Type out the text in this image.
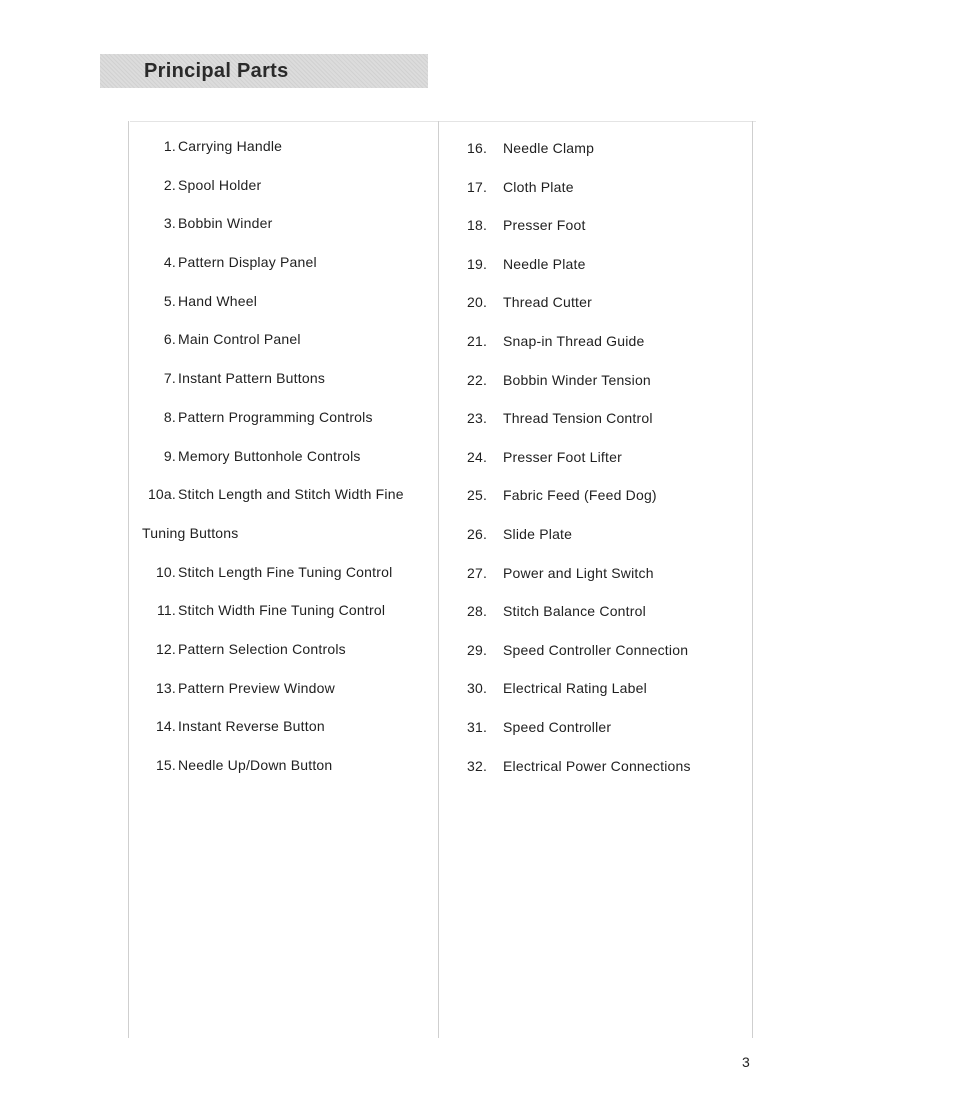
Principal Parts
1. Carrying Handle
2. Spool Holder
3. Bobbin Winder
4. Pattern Display Panel
5. Hand Wheel
6. Main Control Panel
7. Instant Pattern Buttons
8. Pattern Programming Controls
9. Memory Buttonhole Controls
10a. Stitch Length and Stitch Width Fine
Tuning Buttons
10. Stitch Length Fine Tuning Control
11. Stitch Width Fine Tuning Control
12. Pattern Selection Controls
13. Pattern Preview Window
14. Instant Reverse Button
15. Needle Up/Down Button
16.	Needle Clamp
17.	Cloth Plate
18.	Presser Foot
19.	Needle Plate
20.	Thread Cutter
21.	Snap-in Thread Guide
22.	Bobbin Winder Tension
23.	Thread Tension Control
24.	Presser Foot Lifter
25.	Fabric Feed (Feed Dog)
26.	Slide Plate
27.	Power and Light Switch
28.	Stitch Balance Control
29.	Speed Controller Connection
30.	Electrical Rating Label
31.	Speed Controller
32.	Electrical Power Connections
3
